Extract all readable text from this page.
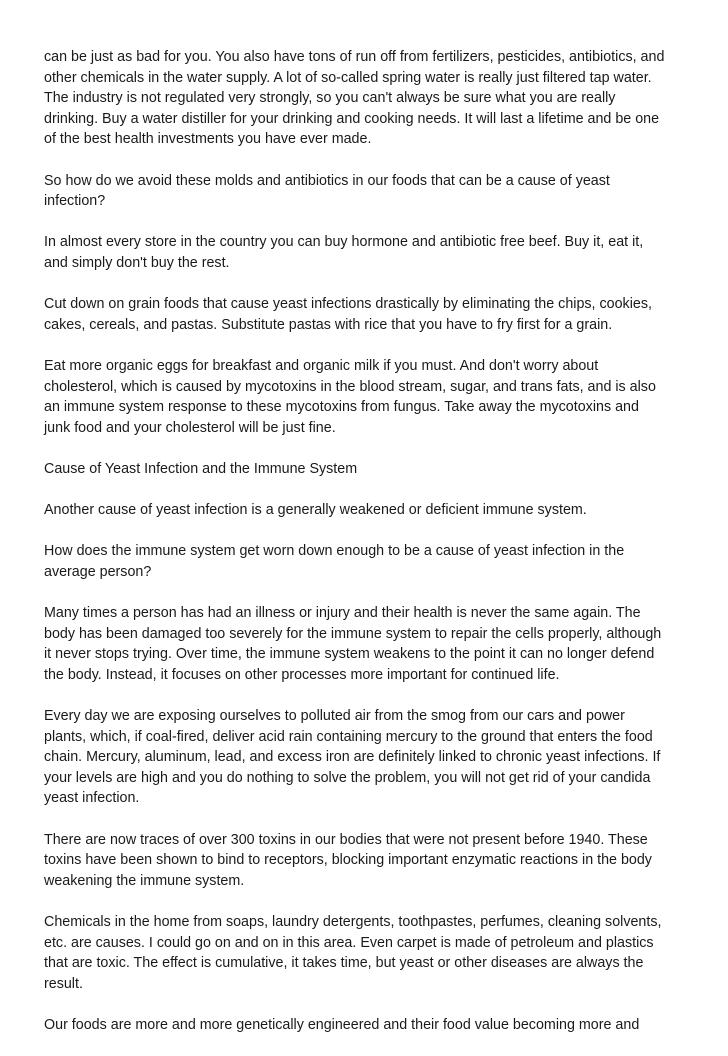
can be just as bad for you. You also have tons of run off from fertilizers, pesticides, antibiotics, and
other chemicals in the water supply. A lot of so-called spring water is really just filtered tap water.
The industry is not regulated very strongly, so you can't always be sure what you are really
drinking. Buy a water distiller for your drinking and cooking needs. It will last a lifetime and be one
of the best health investments you have ever made.

So how do we avoid these molds and antibiotics in our foods that can be a cause of yeast
infection?

In almost every store in the country you can buy hormone and antibiotic free beef. Buy it, eat it,
and simply don't buy the rest.

Cut down on grain foods that cause yeast infections drastically by eliminating the chips, cookies,
cakes, cereals, and pastas. Substitute pastas with rice that you have to fry first for a grain.

Eat more organic eggs for breakfast and organic milk if you must. And don't worry about
cholesterol, which is caused by mycotoxins in the blood stream, sugar, and trans fats, and is also
an immune system response to these mycotoxins from fungus. Take away the mycotoxins and
junk food and your cholesterol will be just fine.

Cause of Yeast Infection and the Immune System

Another cause of yeast infection is a generally weakened or deficient immune system.

How does the immune system get worn down enough to be a cause of yeast infection in the
average person?

Many times a person has had an illness or injury and their health is never the same again. The
body has been damaged too severely for the immune system to repair the cells properly, although
it never stops trying. Over time, the immune system weakens to the point it can no longer defend
the body. Instead, it focuses on other processes more important for continued life.

Every day we are exposing ourselves to polluted air from the smog from our cars and power
plants, which, if coal-fired, deliver acid rain containing mercury to the ground that enters the food
chain. Mercury, aluminum, lead, and excess iron are definitely linked to chronic yeast infections. If
your levels are high and you do nothing to solve the problem, you will not get rid of your candida
yeast infection.

There are now traces of over 300 toxins in our bodies that were not present before 1940. These
toxins have been shown to bind to receptors, blocking important enzymatic reactions in the body
weakening the immune system.

Chemicals in the home from soaps, laundry detergents, toothpastes, perfumes, cleaning solvents,
etc. are causes. I could go on and on in this area. Even carpet is made of petroleum and plastics
that are toxic. The effect is cumulative, it takes time, but yeast or other diseases are always the
result.

Our foods are more and more genetically engineered and their food value becoming more and
